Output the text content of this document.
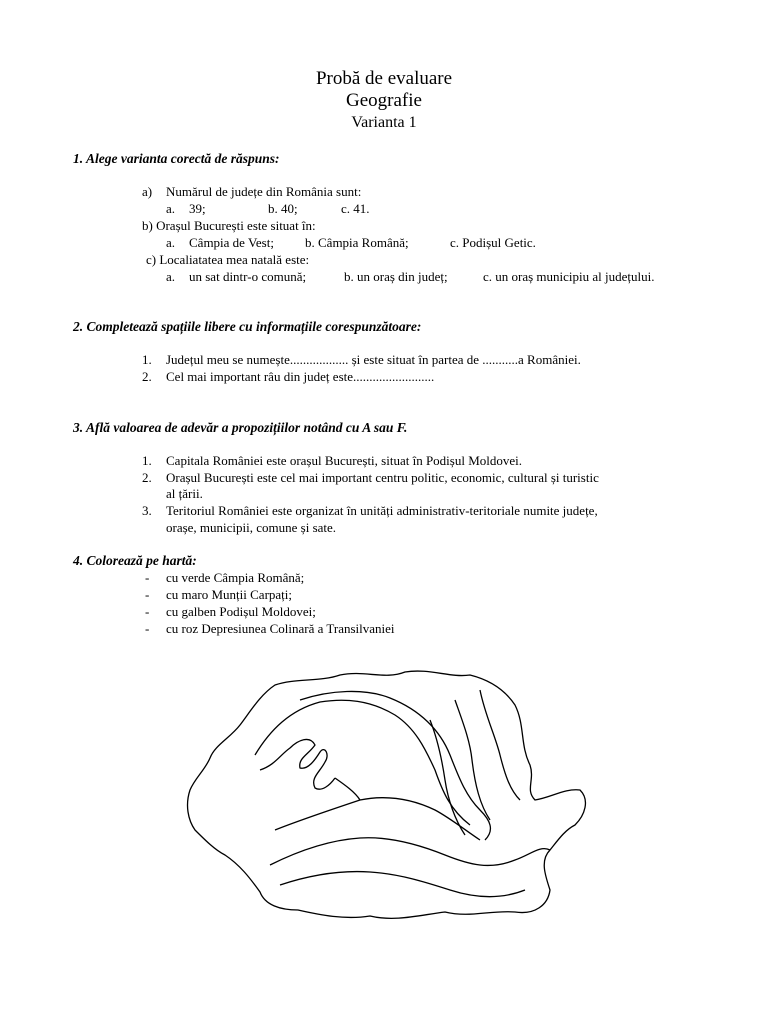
Probă de evaluare
Geografie
Varianta 1
1. Alege varianta corectă de răspuns:
a) Numărul de județe din România sunt:
a. 39;	b. 40;	c. 41.
b) Orașul București este situat în:
a. Câmpia de Vest; b. Câmpia Română;	c. Podișul Getic.
c) Localiatatea mea natală este:
a. un sat dintr-o comună;	b. un oraș din județ;	c. un oraș municipiu al județului.
2. Completează spațiile libere cu informațiile corespunzătoare:
1. Județul meu se numește.................. și este situat în partea de ...........a României.
2. Cel mai important râu din județ este.........................
3. Află valoarea de adevăr a propozițiilor notând cu A sau F.
1. Capitala României este orașul București, situat în Podișul Moldovei.
2. Orașul București este cel mai important centru politic, economic, cultural și turistic
al țării.
3. Teritoriul României este organizat în unități administrativ-teritoriale numite județe,
orașe, municipii, comune și sate.
4. Colorează pe hartă:
- cu verde Câmpia Română;
- cu maro Munții Carpați;
- cu galben Podișul Moldovei;
- cu roz Depresiunea Colinară a Transilvaniei
